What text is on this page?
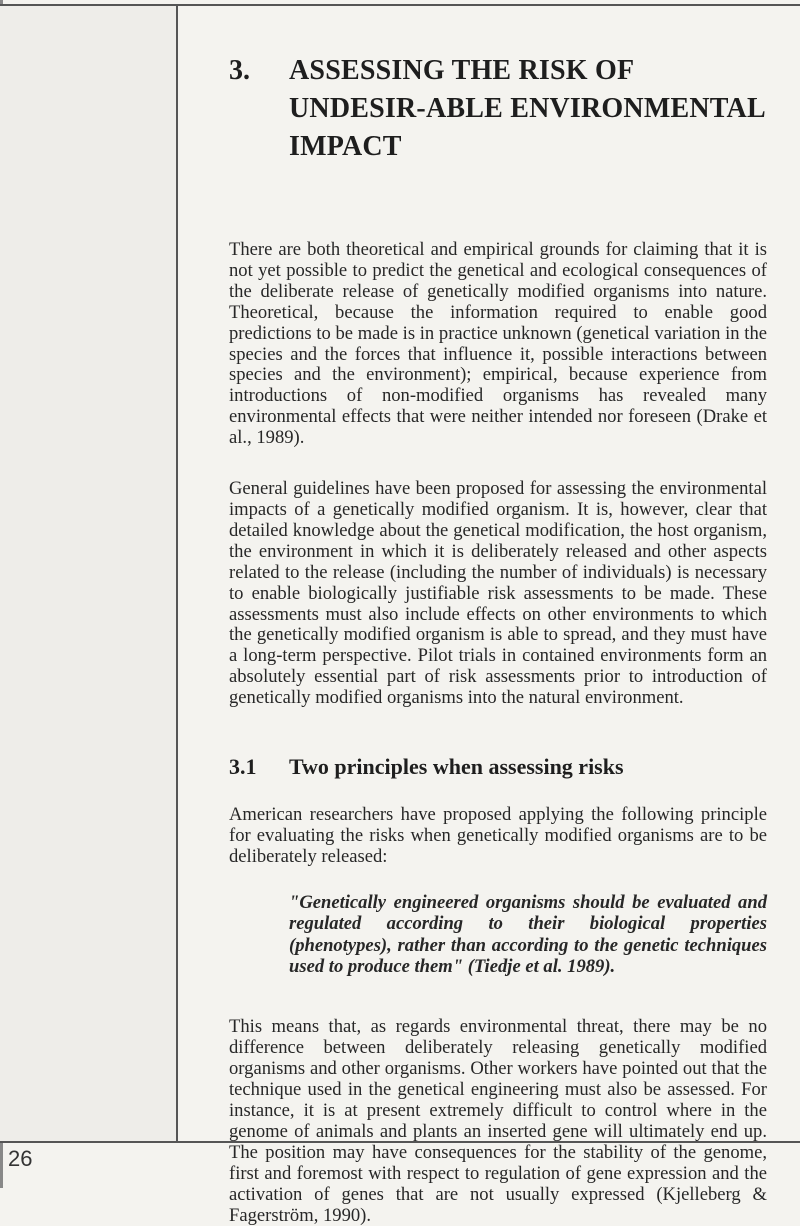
3.	ASSESSING THE RISK OF UNDESIR-ABLE ENVIRONMENTAL IMPACT

There are both theoretical and empirical grounds for claiming that it is not yet possible to predict the genetical and ecological consequences of the deliberate release of genetically modified organisms into nature. Theoretical, because the information required to enable good predictions to be made is in practice unknown (genetical variation in the species and the forces that influence it, possible interactions between species and the environment); empirical, because experience from introductions of non-modified organisms has revealed many environmental effects that were neither intended nor foreseen (Drake et al., 1989).

General guidelines have been proposed for assessing the environmental impacts of a genetically modified organism. It is, however, clear that detailed knowledge about the genetical modification, the host organism, the environment in which it is deliberately released and other aspects related to the release (including the number of individuals) is necessary to enable biologically justifiable risk assessments to be made. These assessments must also include effects on other environments to which the genetically modified organism is able to spread, and they must have a long-term perspective. Pilot trials in contained environments form an absolutely essential part of risk assessments prior to introduction of genetically modified organisms into the natural environment.

3.1	Two principles when assessing risks

American researchers have proposed applying the following principle for evaluating the risks when genetically modified organisms are to be deliberately released:

"Genetically engineered organisms should be evaluated and regulated according to their biological properties (phenotypes), rather than according to the genetic techniques used to produce them" (Tiedje et al. 1989).

This means that, as regards environmental threat, there may be no difference between deliberately releasing genetically modified organisms and other organisms. Other workers have pointed out that the technique used in the genetical engineering must also be assessed. For instance, it is at present extremely difficult to control where in the genome of animals and plants an inserted gene will ultimately end up. The position may have consequences for the stability of the genome, first and foremost with respect to regulation of gene expression and the activation of genes that are not usually expressed (Kjelleberg & Fagerström, 1990).

26
